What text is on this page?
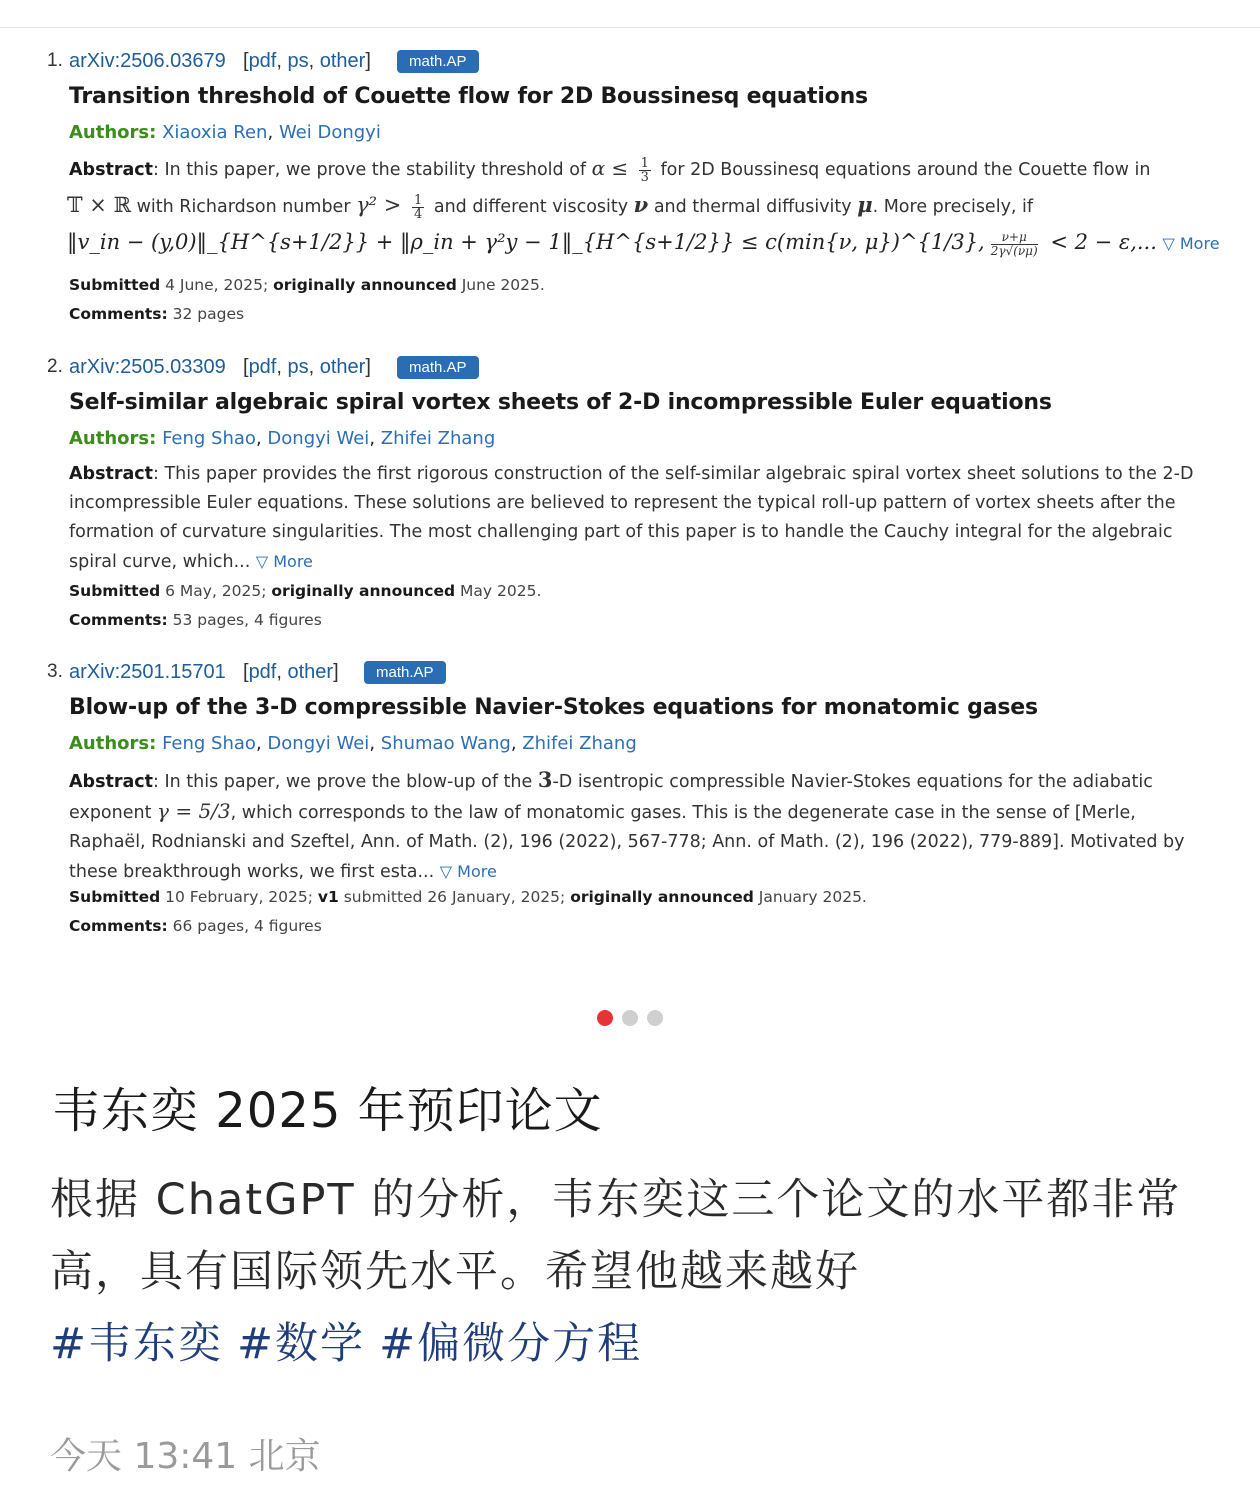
1. arXiv:2506.03679 [pdf, ps, other]	math.AP
Transition threshold of Couette flow for 2D Boussinesq equations
Authors: Xiaoxia Ren, Wei Dongyi
Abstract: In this paper, we prove the stability threshold of $\alpha \le \frac{1}{3}$ for 2D Boussinesq equations around the Couette flow in
𝕋 × ℝ with Richardson number $\gamma^2 > \frac{1}{4}$ and different viscosity ν and thermal diffusivity μ. More precisely, if
‖v_in − (y,0)‖_{H^{s+1/2}} + ‖ρ_in + γ²y − 1‖_{H^{s+1/2}} ≤ c(min{ν, μ})^{1/3}, $\frac{\nu+\mu}{2\gamma√(\nu\mu)} < 2 - \varepsilon$,... ▽ More
Submitted 4 June, 2025; originally announced June 2025.
Comments: 32 pages
2. arXiv:2505.03309 [pdf, ps, other]	math.AP
Self-similar algebraic spiral vortex sheets of 2-D incompressible Euler equations
Authors: Feng Shao, Dongyi Wei, Zhifei Zhang
Abstract: This paper provides the first rigorous construction of the self-similar algebraic spiral vortex sheet solutions to the 2-D incompressible Euler equations. These solutions are believed to represent the typical roll-up pattern of vortex sheets after the formation of curvature singularities. The most challenging part of this paper is to handle the Cauchy integral for the algebraic spiral curve, which... ▽ More
Submitted 6 May, 2025; originally announced May 2025.
Comments: 53 pages, 4 figures
3. arXiv:2501.15701 [pdf, other]	math.AP
Blow-up of the 3-D compressible Navier-Stokes equations for monatomic gases
Authors: Feng Shao, Dongyi Wei, Shumao Wang, Zhifei Zhang
Abstract: In this paper, we prove the blow-up of the 3-D isentropic compressible Navier-Stokes equations for the adiabatic exponent γ = 5/3, which corresponds to the law of monatomic gases. This is the degenerate case in the sense of [Merle, Raphaël, Rodnianski and Szeftel, Ann. of Math. (2), 196 (2022), 567-778; Ann. of Math. (2), 196 (2022), 779-889]. Motivated by these breakthrough works, we first esta... ▽ More
Submitted 10 February, 2025; v1 submitted 26 January, 2025; originally announced January 2025.
Comments: 66 pages, 4 figures
韦东奕 2025 年预印论文
根据 ChatGPT 的分析，韦东奕这三个论文的水平都非常高，具有国际领先水平。希望他越来越好
#韦东奕 #数学 #偏微分方程
今天 13:41 北京
